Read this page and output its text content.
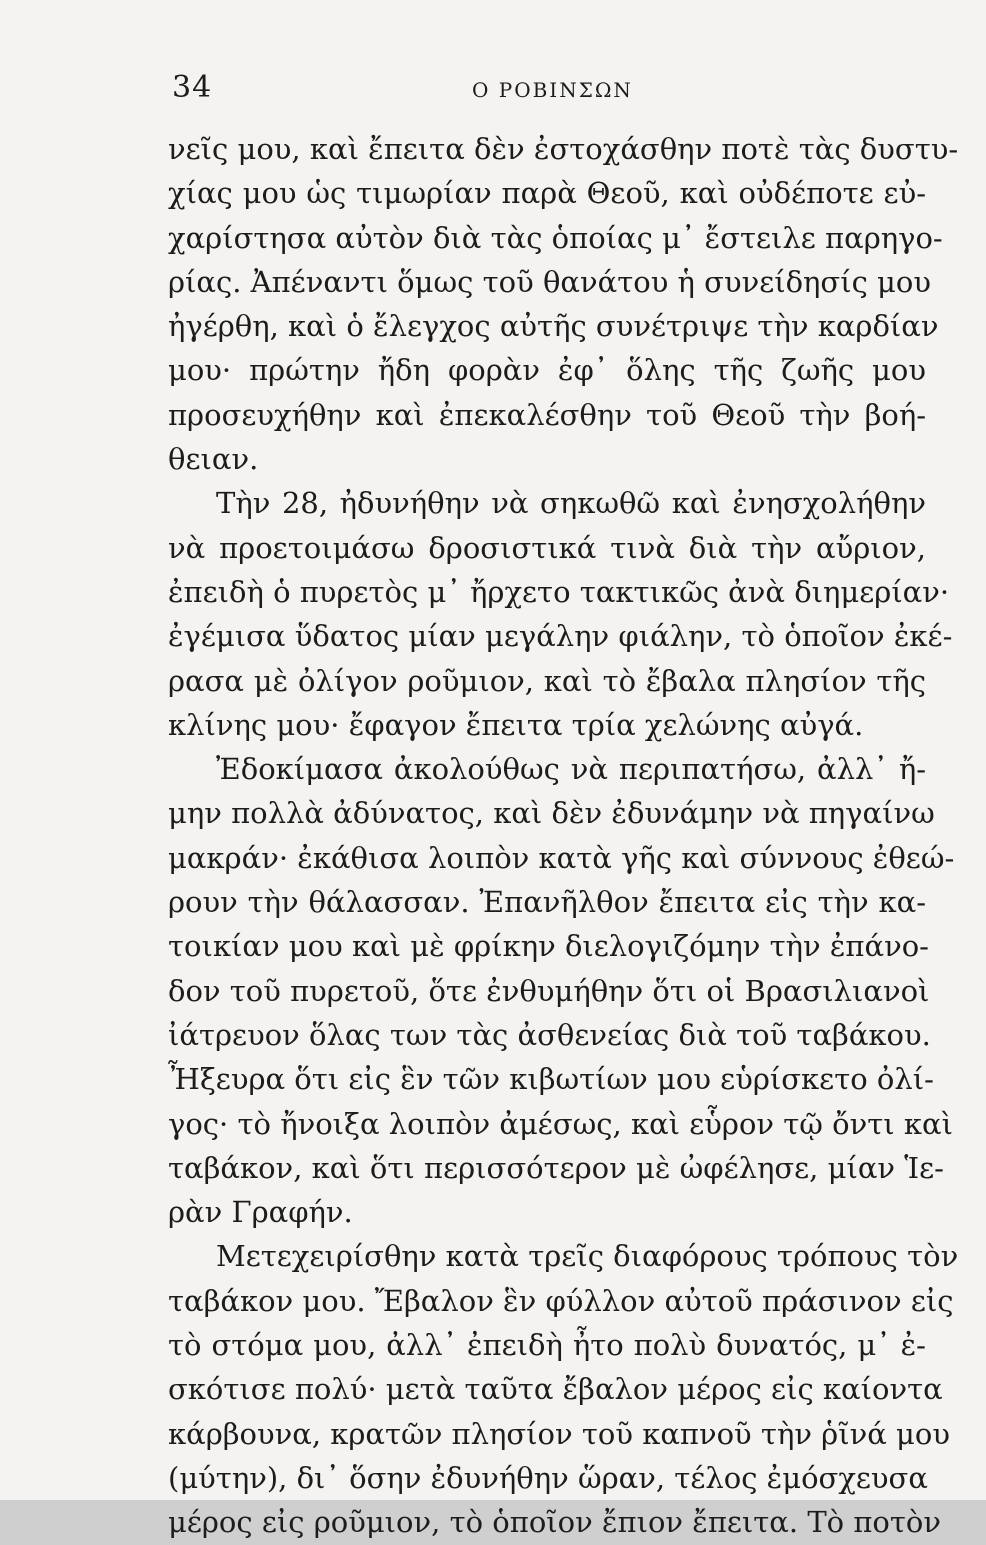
34	Ο ΡΟΒΙΝΣΩΝ
νεῖς μου, καὶ ἔπειτα δὲν ἐστοχάσθην ποτὲ τὰς δυστυ-
χίας μου ὡς τιμωρίαν παρὰ Θεοῦ, καὶ οὐδέποτε εὐ-
χαρίστησα αὐτὸν διὰ τὰς ὁποίας μ᾿ ἔστειλε παρηγο-
ρίας. Ἀπέναντι ὅμως τοῦ θανάτου ἡ συνείδησίς μου
ἠγέρθη, καὶ ὁ ἔλεγχος αὐτῆς συνέτριψε τὴν καρδίαν
μου· πρώτην ἤδη φορὰν ἐφ᾿ ὅλης τῆς ζωῆς μου
προσευχήθην καὶ ἐπεκαλέσθην τοῦ Θεοῦ τὴν βοή-
θειαν.
Τὴν 28, ἠδυνήθην νὰ σηκωθῶ καὶ ἐνησχολήθην
νὰ προετοιμάσω δροσιστικά τινὰ διὰ τὴν αὔριον,
ἐπειδὴ ὁ πυρετὸς μ᾿ ἤρχετο τακτικῶς ἀνὰ διημερίαν·
ἐγέμισα ὕδατος μίαν μεγάλην φιάλην, τὸ ὁποῖον ἐκέ-
ρασα μὲ ὀλίγον ροῦμιον, καὶ τὸ ἔβαλα πλησίον τῆς
κλίνης μου· ἔφαγον ἔπειτα τρία χελώνης αὐγά.
Ἐδοκίμασα ἀκολούθως νὰ περιπατήσω, ἀλλ᾿ ἤ-
μην πολλὰ ἀδύνατος, καὶ δὲν ἐδυνάμην νὰ πηγαίνω
μακράν· ἐκάθισα λοιπὸν κατὰ γῆς καὶ σύννους ἐθεώ-
ρουν τὴν θάλασσαν. Ἐπανῆλθον ἔπειτα εἰς τὴν κα-
τοικίαν μου καὶ μὲ φρίκην διελογιζόμην τὴν ἐπάνο-
δον τοῦ πυρετοῦ, ὅτε ἐνθυμήθην ὅτι οἱ Βρασιλιανοὶ
ἰάτρευον ὅλας των τὰς ἀσθενείας διὰ τοῦ ταβάκου.
Ἦξευρα ὅτι εἰς ἓν τῶν κιβωτίων μου εὑρίσκετο ὀλί-
γος· τὸ ἤνοιξα λοιπὸν ἀμέσως, καὶ εὗρον τῷ ὄντι καὶ
ταβάκον, καὶ ὅτι περισσότερον μὲ ὠφέλησε, μίαν Ἱε-
ρὰν Γραφήν.
Μετεχειρίσθην κατὰ τρεῖς διαφόρους τρόπους τὸν
ταβάκον μου. Ἔβαλον ἓν φύλλον αὐτοῦ πράσινον εἰς
τὸ στόμα μου, ἀλλ᾿ ἐπειδὴ ἦτο πολὺ δυνατός, μ᾿ ἐ-
σκότισε πολύ· μετὰ ταῦτα ἔβαλον μέρος εἰς καίοντα
κάρβουνα, κρατῶν πλησίον τοῦ καπνοῦ τὴν ῥῖνά μου
(μύτην), δι᾿ ὅσην ἐδυνήθην ὥραν, τέλος ἐμόσχευσα
μέρος εἰς ροῦμιον, τὸ ὁποῖον ἔπιον ἔπειτα. Τὸ ποτὸν
